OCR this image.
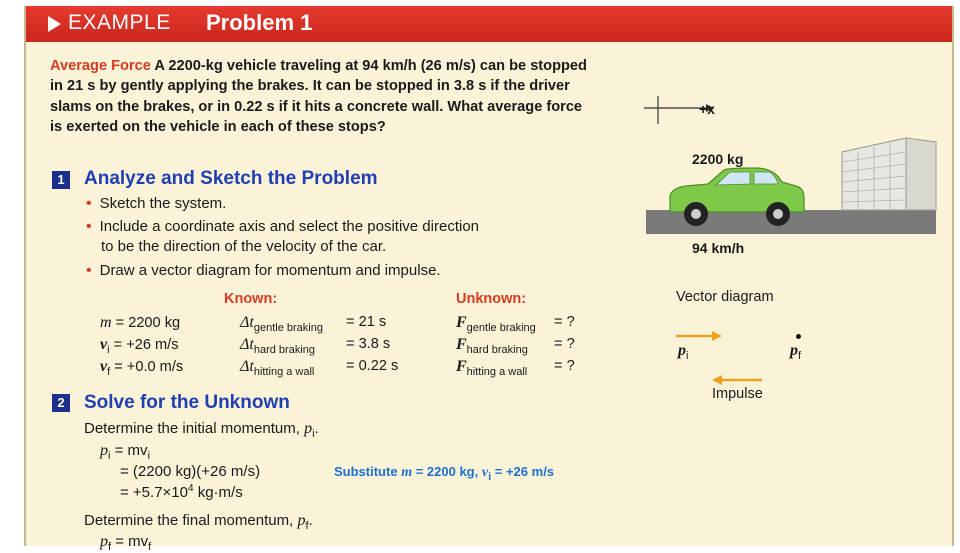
EXAMPLE Problem 1
Average Force A 2200-kg vehicle traveling at 94 km/h (26 m/s) can be stopped in 21 s by gently applying the brakes. It can be stopped in 3.8 s if the driver slams on the brakes, or in 0.22 s if it hits a concrete wall. What average force is exerted on the vehicle in each of these stops?
1 Analyze and Sketch the Problem
• Sketch the system.
• Include a coordinate axis and select the positive direction
to be the direction of the velocity of the car.
• Draw a vector diagram for momentum and impulse.
Known:	Unknown:
m = 2200 kg
$v_i = +26$ m/s
$v_f = +0.0$ m/s
$\Delta t_{gentle braking} = 21$ s
$\Delta t_{hard braking} = 3.8$ s
$\Delta t_{hitting a wall} = 0.22$ s
$F_{gentle braking}$ = ?
$F_{hard braking}$ = ?
$F_{hitting a wall}$ = ?
2 Solve for the Unknown
Determine the initial momentum, $p_i$.
$p_i = mv_i$
= (2200 kg)(+26 m/s)
= $+5.7\times 10^4$ kg·m/s
Substitute m = 2200 kg, $v_i = +26$ m/s
Determine the final momentum, $p_f$.
$p_f = mv_f$
+x
2200 kg
94 km/h
Vector diagram
$p_i$	$p_f$
Impulse
